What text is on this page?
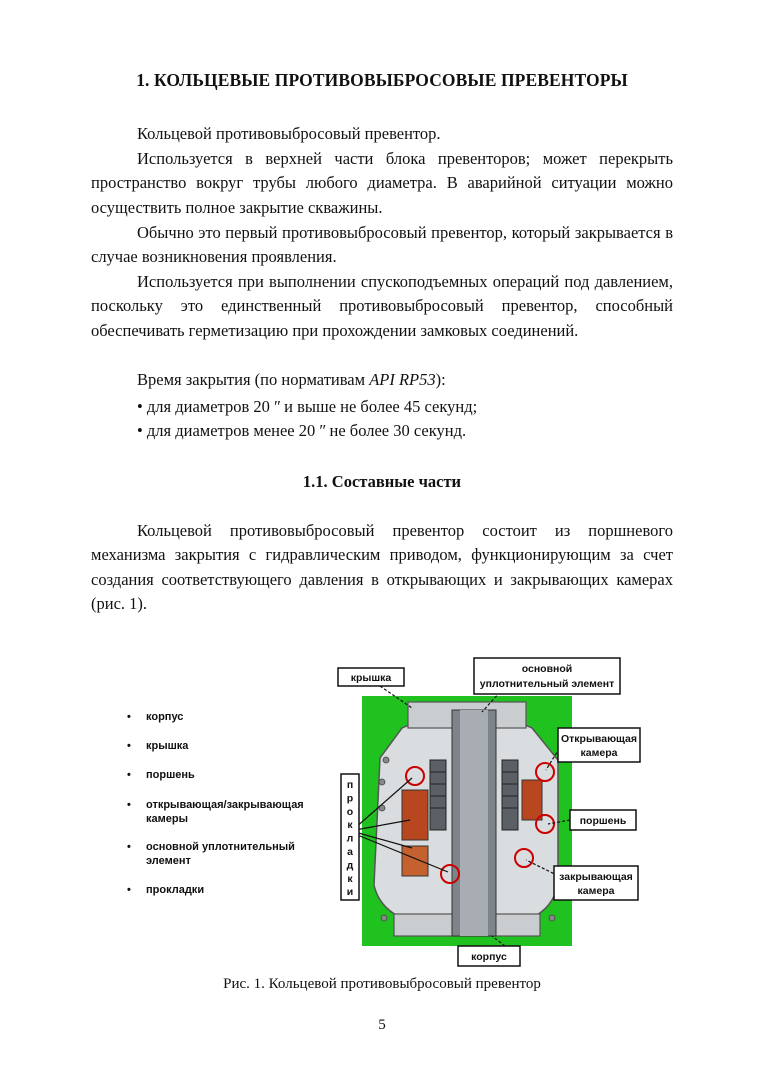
1. КОЛЬЦЕВЫЕ ПРОТИВОВЫБРОСОВЫЕ ПРЕВЕНТОРЫ
Кольцевой противовыбросовый превентор.
Используется в верхней части блока превенторов; может перекрыть пространство вокруг трубы любого диаметра. В аварийной ситуации можно осуществить полное закрытие скважины.
Обычно это первый противовыбросовый превентор, который закрывается в случае возникновения проявления.
Используется при выполнении спускоподъемных операций под давлением, поскольку это единственный противовыбросовый превентор, способный обеспечивать герметизацию при прохождении замковых соединений.
Время закрытия (по нормативам API RP53):
• для диаметров 20 ʺ и выше не более 45 секунд;
• для диаметров менее 20 ʺ не более 30 секунд.
1.1. Составные части
Кольцевой противовыбросовый превентор состоит из поршневого механизма закрытия с гидравлическим приводом, функционирующим за счет создания соответствующего давления в открывающих и закрывающих камерах (рис. 1).
• корпус
• крышка
• поршень
• открывающая/закрывающая
камеры
• основной уплотнительный
элемент
• прокладки
крышка
основной
уплотнительный элемент
Открывающая
камера
поршень
закрывающая
камера
корпус
п
р
о
к
л
а
д
к
и
Рис. 1. Кольцевой противовыбросовый превентор
5
